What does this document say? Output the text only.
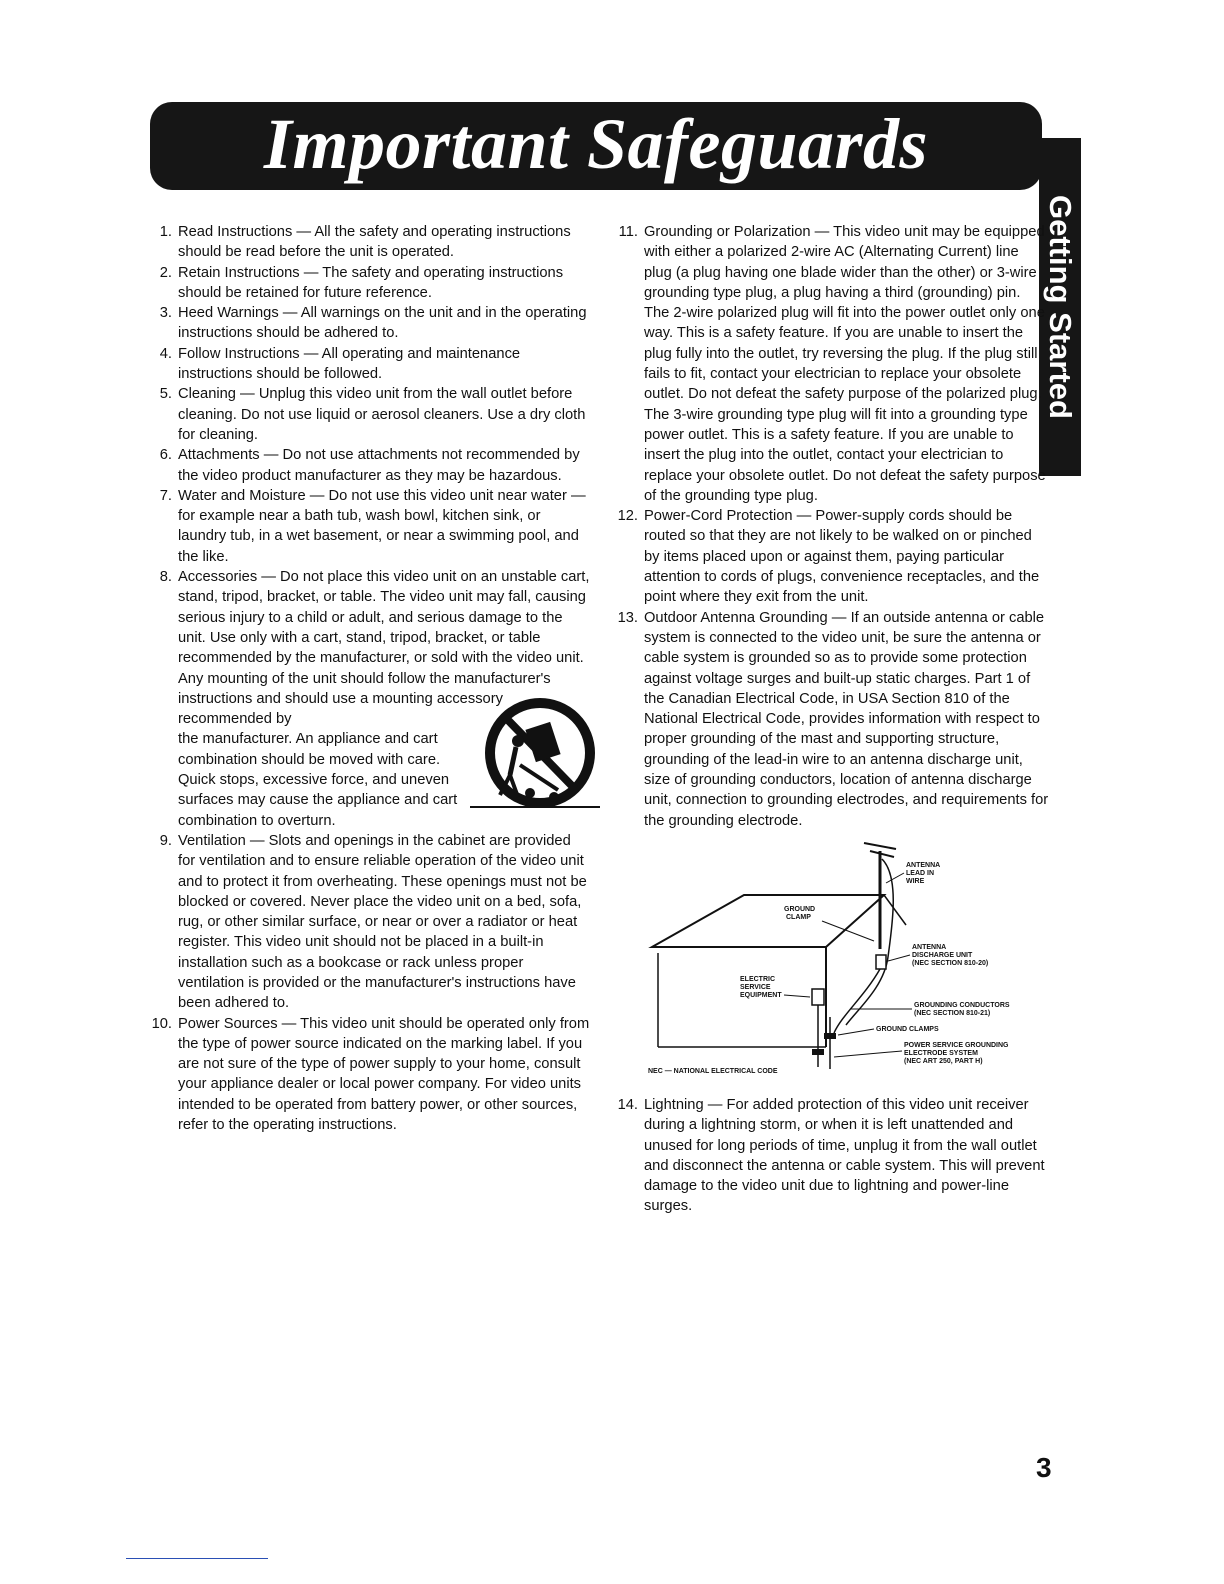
Important Safeguards
Getting Started
1. Read Instructions — All the safety and operating instructions should be read before the unit is operated.
2. Retain Instructions — The safety and operating instructions should be retained for future reference.
3. Heed Warnings — All warnings on the unit and in the operating instructions should be adhered to.
4. Follow Instructions — All operating and maintenance instructions should be followed.
5. Cleaning — Unplug this video unit from the wall outlet before cleaning. Do not use liquid or aerosol cleaners. Use a dry cloth for cleaning.
6. Attachments — Do not use attachments not recommended by the video product manufacturer as they may be hazardous.
7. Water and Moisture — Do not use this video unit near water — for example near a bath tub, wash bowl, kitchen sink, or laundry tub, in a wet basement, or near a swimming pool, and the like.
8. Accessories — Do not place this video unit on an unstable cart, stand, tripod, bracket, or table. The video unit may fall, causing serious injury to a child or adult, and serious damage to the unit. Use only with a cart, stand, tripod, bracket, or table recommended by the manufacturer, or sold with the video unit. Any mounting of the unit should follow the manufacturer's instructions and should use a mounting accessory recommended by
the manufacturer. An appliance and cart combination should be moved with care. Quick stops, excessive force, and uneven surfaces may cause the appliance and cart combination to overturn.
9. Ventilation — Slots and openings in the cabinet are provided for ventilation and to ensure reliable operation of the video unit and to protect it from overheating. These openings must not be blocked or covered. Never place the video unit on a bed, sofa, rug, or other similar surface, or near or over a radiator or heat register. This video unit should not be placed in a built-in installation such as a bookcase or rack unless proper ventilation is provided or the manufacturer's instructions have been adhered to.
10. Power Sources — This video unit should be operated only from the type of power source indicated on the marking label. If you are not sure of the type of power supply to your home, consult your appliance dealer or local power company. For video units intended to be operated from battery power, or other sources, refer to the operating instructions.
11. Grounding or Polarization — This video unit may be equipped with either a polarized 2-wire AC (Alternating Current) line plug (a plug having one blade wider than the other) or 3-wire grounding type plug, a plug having a third (grounding) pin.
The 2-wire polarized plug will fit into the power outlet only one way. This is a safety feature. If you are unable to insert the plug fully into the outlet, try reversing the plug. If the plug still fails to fit, contact your electrician to replace your obsolete outlet. Do not defeat the safety purpose of the polarized plug.
The 3-wire grounding type plug will fit into a grounding type power outlet. This is a safety feature. If you are unable to insert the plug into the outlet, contact your electrician to replace your obsolete outlet. Do not defeat the safety purpose of the grounding type plug.
12. Power-Cord Protection — Power-supply cords should be routed so that they are not likely to be walked on or pinched by items placed upon or against them, paying particular attention to cords of plugs, convenience receptacles, and the point where they exit from the unit.
13. Outdoor Antenna Grounding — If an outside antenna or cable system is connected to the video unit, be sure the antenna or cable system is grounded so as to provide some protection against voltage surges and built-up static charges. Part 1 of the Canadian Electrical Code, in USA Section 810 of the National Electrical Code, provides information with respect to proper grounding of the mast and supporting structure, grounding of the lead-in wire to an antenna discharge unit, size of grounding conductors, location of antenna discharge unit, connection to grounding electrodes, and requirements for the grounding electrode.
ANTENNA
LEAD IN
WIRE
GROUND
CLAMP
ANTENNA
DISCHARGE UNIT
(NEC SECTION 810-20)
ELECTRIC
SERVICE
EQUIPMENT
GROUNDING CONDUCTORS
(NEC SECTION 810-21)
GROUND CLAMPS
POWER SERVICE GROUNDING
ELECTRODE SYSTEM
(NEC ART 250, PART H)
NEC — NATIONAL ELECTRICAL CODE
14. Lightning — For added protection of this video unit receiver during a lightning storm, or when it is left unattended and unused for long periods of time, unplug it from the wall outlet and disconnect the antenna or cable system. This will prevent damage to the video unit due to lightning and power-line surges.
3
